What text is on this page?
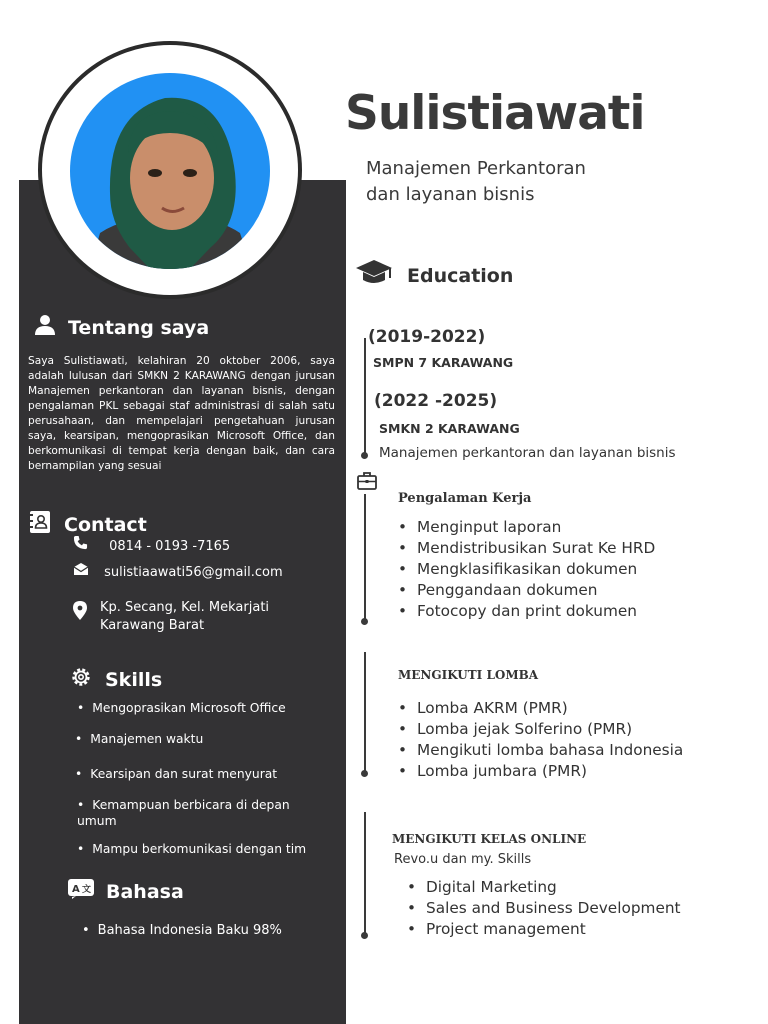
Sulistiawati
Manajemen Perkantoran
dan layanan bisnis
Tentang saya
Saya Sulistiawati, kelahiran 20 oktober 2006, saya adalah lulusan dari SMKN 2 KARAWANG dengan jurusan Manajemen perkantoran dan layanan bisnis, dengan pengalaman PKL sebagai staf administrasi di salah satu perusahaan, dan mempelajari pengetahuan jurusan saya, kearsipan, mengoprasikan Microsoft Office, dan berkomunikasi di tempat kerja dengan baik, dan cara bernampilan yang sesuai
Contact
0814 - 0193 -7165
sulistiaawati56@gmail.com
Kp. Secang, Kel. Mekarjati
Karawang Barat
Skills
• Mengoprasikan Microsoft Office
• Manajemen waktu
• Kearsipan dan surat menyurat
• Kemampuan berbicara di depan umum
• Mampu berkomunikasi dengan tim
A 文 Bahasa
• Bahasa Indonesia Baku 98%
Education
(2019-2022)
SMPN 7 KARAWANG
(2022 -2025)
SMKN 2 KARAWANG
Manajemen perkantoran dan layanan bisnis
Pengalaman Kerja
• Menginput laporan
• Mendistribusikan Surat Ke HRD
• Mengklasifikasikan dokumen
• Penggandaan dokumen
• Fotocopy dan print dokumen
MENGIKUTI LOMBA
• Lomba AKRM (PMR)
• Lomba jejak Solferino (PMR)
• Mengikuti lomba bahasa Indonesia
• Lomba jumbara (PMR)
MENGIKUTI KELAS ONLINE
Revo.u dan my. Skills
• Digital Marketing
• Sales and Business Development
• Project management
